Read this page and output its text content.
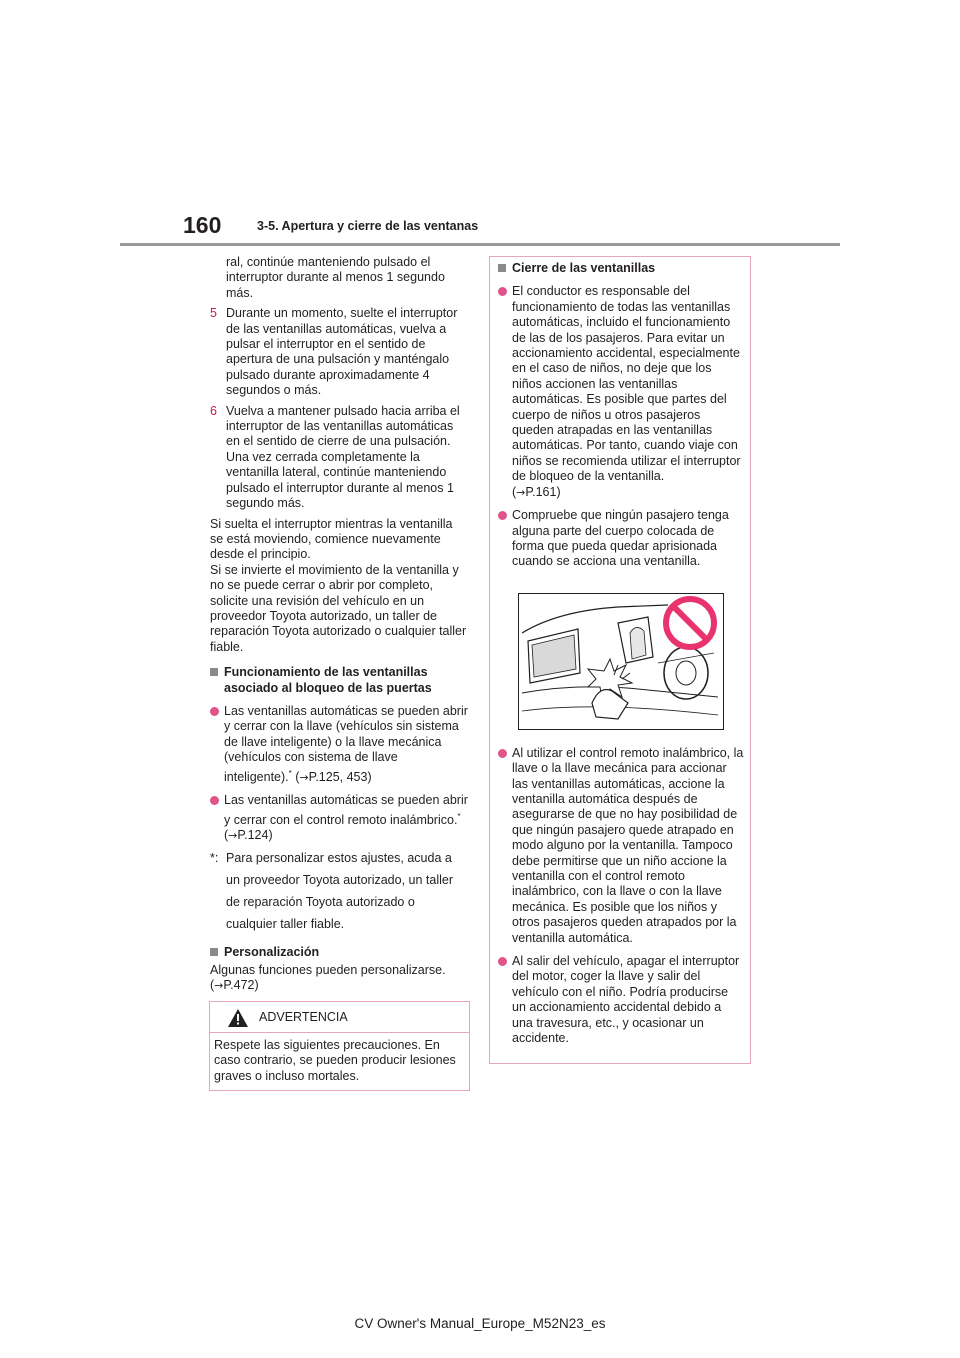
160	3-5. Apertura y cierre de las ventanas

ral, continúe manteniendo pulsado el interruptor durante al menos 1 segundo más.

5 Durante un momento, suelte el interruptor de las ventanillas automáticas, vuelva a pulsar el interruptor en el sentido de apertura de una pulsación y manténgalo pulsado durante aproximadamente 4 segundos o más.

6 Vuelva a mantener pulsado hacia arriba el interruptor de las ventanillas automáticas en el sentido de cierre de una pulsación. Una vez cerrada completamente la ventanilla lateral, continúe manteniendo pulsado el interruptor durante al menos 1 segundo más.

Si suelta el interruptor mientras la ventanilla se está moviendo, comience nuevamente desde el principio.

Si se invierte el movimiento de la ventanilla y no se puede cerrar o abrir por completo, solicite una revisión del vehículo en un proveedor Toyota autorizado, un taller de reparación Toyota autorizado o cualquier taller fiable.

Funcionamiento de las ventanillas asociado al bloqueo de las puertas

Las ventanillas automáticas se pueden abrir y cerrar con la llave (vehículos sin sistema de llave inteligente) o la llave mecánica (vehículos con sistema de llave inteligente).* (→P.125, 453)

Las ventanillas automáticas se pueden abrir y cerrar con el control remoto inalámbrico.* (→P.124)

*: Para personalizar estos ajustes, acuda a un proveedor Toyota autorizado, un taller de reparación Toyota autorizado o cualquier taller fiable.

Personalización

Algunas funciones pueden personalizarse.
(→P.472)

ADVERTENCIA

Respete las siguientes precauciones. En caso contrario, se pueden producir lesiones graves o incluso mortales.

Cierre de las ventanillas

El conductor es responsable del funcionamiento de todas las ventanillas automáticas, incluido el funcionamiento de las de los pasajeros. Para evitar un accionamiento accidental, especialmente en el caso de niños, no deje que los niños accionen las ventanillas automáticas. Es posible que partes del cuerpo de niños u otros pasajeros queden atrapadas en las ventanillas automáticas. Por tanto, cuando viaje con niños se recomienda utilizar el interruptor de bloqueo de la ventanilla.
(→P.161)

Compruebe que ningún pasajero tenga alguna parte del cuerpo colocada de forma que pueda quedar aprisionada cuando se acciona una ventanilla.

Al utilizar el control remoto inalámbrico, la llave o la llave mecánica para accionar las ventanillas automáticas, accione la ventanilla automática después de asegurarse de que no hay posibilidad de que ningún pasajero quede atrapado en modo alguno por la ventanilla. Tampoco debe permitirse que un niño accione la ventanilla con el control remoto inalámbrico, con la llave o con la llave mecánica. Es posible que los niños y otros pasajeros queden atrapados por la ventanilla automática.

Al salir del vehículo, apagar el interruptor del motor, coger la llave y salir del vehículo con el niño. Podría producirse un accionamiento accidental debido a una travesura, etc., y ocasionar un accidente.

CV Owner's Manual_Europe_M52N23_es
